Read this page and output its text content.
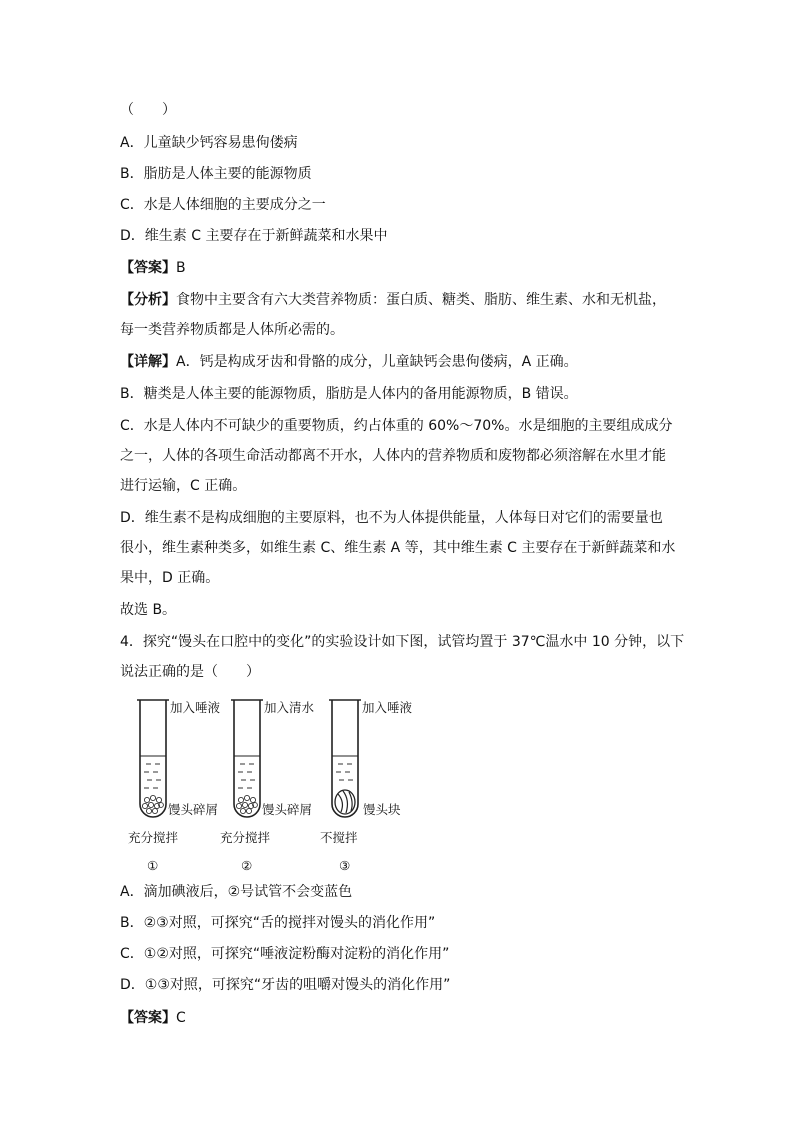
（　　）
A．儿童缺少钙容易患佝偻病
B．脂肪是人体主要的能源物质
C．水是人体细胞的主要成分之一
D．维生素 C 主要存在于新鲜蔬菜和水果中
【答案】B
【分析】食物中主要含有六大类营养物质：蛋白质、糖类、脂肪、维生素、水和无机盐，
每一类营养物质都是人体所必需的。
【详解】A．钙是构成牙齿和骨骼的成分，儿童缺钙会患佝偻病，A 正确。
B．糖类是人体主要的能源物质，脂肪是人体内的备用能源物质，B 错误。
C．水是人体内不可缺少的重要物质，约占体重的 60%～70%。水是细胞的主要组成成分
之一，人体的各项生命活动都离不开水，人体内的营养物质和废物都必须溶解在水里才能
进行运输，C 正确。
D．维生素不是构成细胞的主要原料，也不为人体提供能量，人体每日对它们的需要量也
很小，维生素种类多，如维生素 C、维生素 A 等，其中维生素 C 主要存在于新鲜蔬菜和水
果中，D 正确。
故选 B。
4．探究“馒头在口腔中的变化”的实验设计如下图，试管均置于 37℃温水中 10 分钟，以下
说法正确的是（　　）
加入唾液
馒头碎屑
充分搅拌
①
加入清水
馒头碎屑
充分搅拌
②
加入唾液
馒头块
不搅拌
③
A．滴加碘液后，②号试管不会变蓝色
B．②③对照，可探究“舌的搅拌对馒头的消化作用”
C．①②对照，可探究“唾液淀粉酶对淀粉的消化作用”
D．①③对照，可探究“牙齿的咀嚼对馒头的消化作用”
【答案】C
